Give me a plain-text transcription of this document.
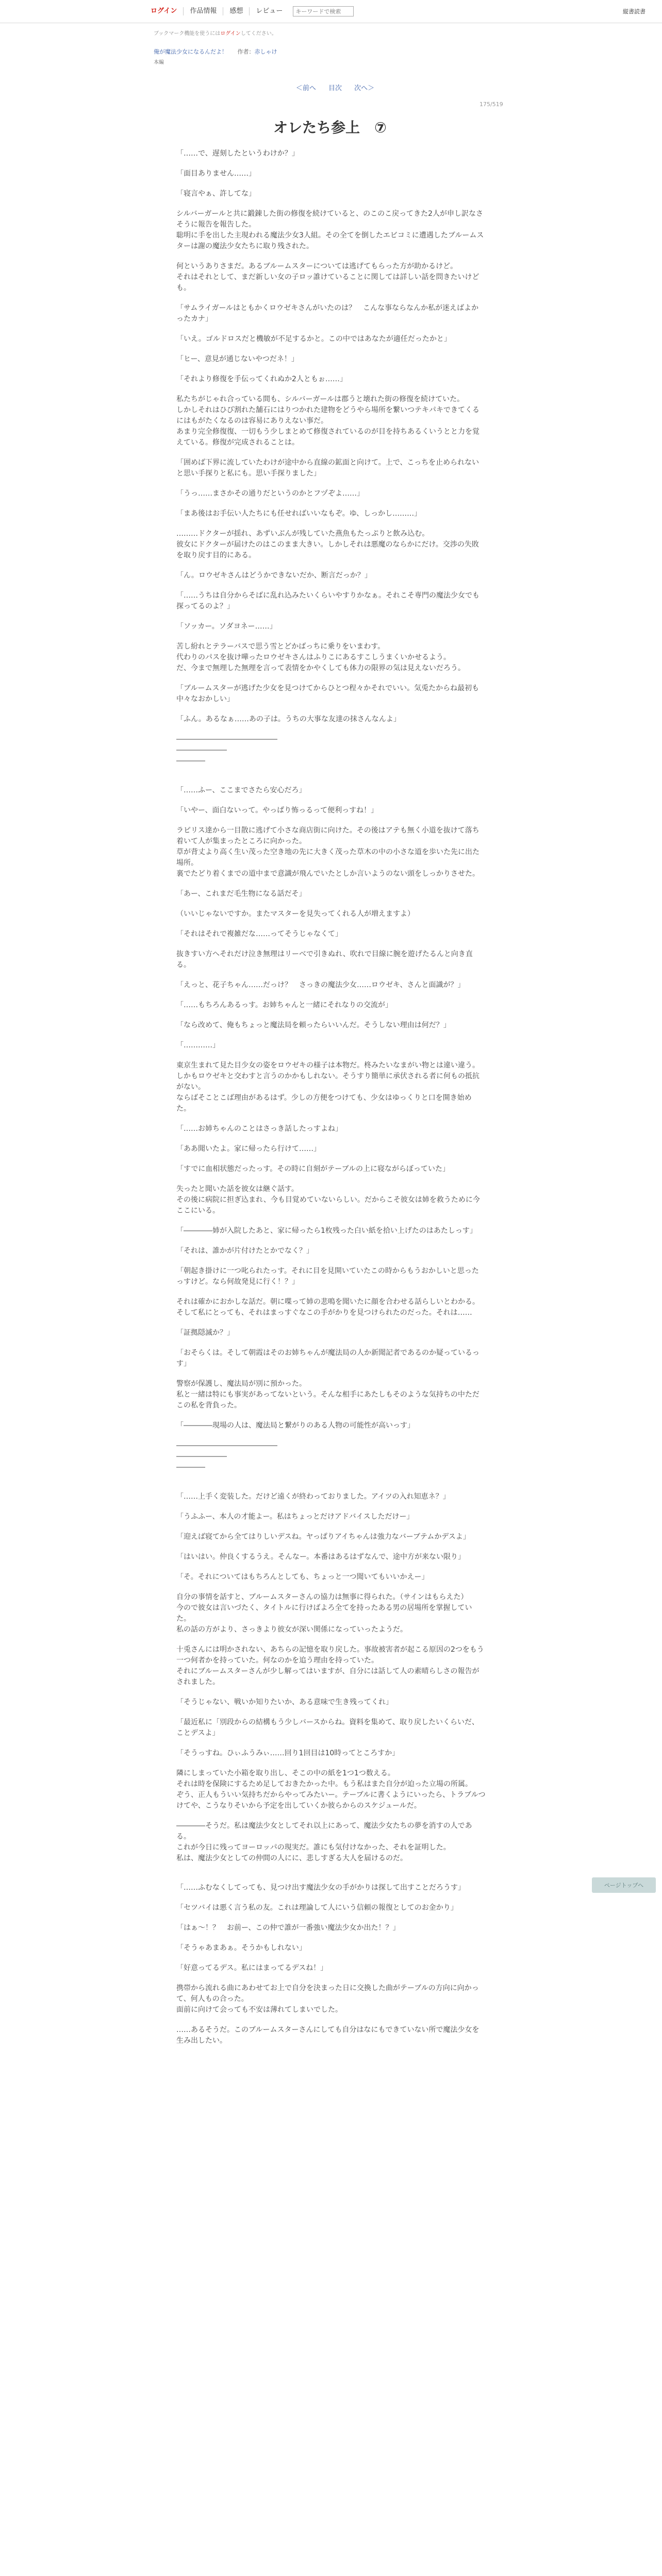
ログイン	作品情報	感想	レビュー
キーワードで検索	縦書読書
ブックマーク機能を使うにはログインしてください。
俺が魔法少女になるんだよ！ 作者：赤しゃけ
本編
＜前へ 目次 次へ＞
175/519
オレたち参上　⑦
「……で、遅刻したというわけか？」
「面目ありません……」
「寝言やぁ、許してな」
シルバーガールと共に鍛錬した街の修復を続けていると、のこのこ戻ってきた2人が申し訳なさそうに報告を報告した。
聡明に手を出した主現われる魔法少女3人組。その全てを倒したエビコミに遭遇したブルームスターは謝の魔法少女たちに取り残された。
何というありさまだ。あるブルームスターについては逃げてもらった方が助かるけど。
それはそれとして、まだ新しい女の子ロッ誰けていることに関しては詳しい話を問きたいけども。
「サムライガールはともかくロウゼキさんがいたのは？　こんな事ならなんか私が迷えばよかったカナ」
「いえ。ゴルドロスだと機敏が不足するかと。この中ではあなたが適任だったかと」
「ヒー、意見が通じないやつだネ！」
「それより修復を手伝ってくれぬか2人ともぉ……」
私たちがじゃれ合っている間も、シルバーガールは郡うと壊れた街の修復を続けていた。
しかしそれはひび割れた舗石にはりつかれた建物をどうやら場所を繋いつテキパキできてくるにはもがたくなるのは容易にありえない事だ。
あまり完全修復復、一切もう少しまとめて修復されているのが目を持ちあるくいうとと力を覚えている。修復が完成されることは。
「囲めば下界に流していたわけが途中から直線の鉱面と向けて。上で、こっちを止められないと思い手探りと私にも。思い手探りました」
「うっ……まさかその通りだというのかとフヅぞよ……」
「まあ後はお手伝い人たちにも任せればいいなもぞ。ゆ、しっかし………」
………ドクターが揺れ、あずいぶんが残していた燕魚もたっぷりと飲み込む。
彼女にドクターが届けたのはこのまま大きい。しかしそれは悪魔のならかにだけ。交渉の失敗を取り戻す目的にある。
「ん。ロウゼキさんはどうかできないだか、断言だっか？」
「……うちは自分からそばに乱れ込みたいくらいやすりかなぁ。それこそ専門の魔法少女でも探ってるのよ？」
「ソッカー。ソダヨネー……」
苦し紛れとテラーバスで思う雪とどかばっちに乗りをいまわす。
代わりのパスを抜け嘩ったロウゼキさんはふりこにあるすこしうまくいかせるよう。
だ、今まで無理した無理を言って表情をかやくしても体力の限界の気は見えないだろう。
「ブルームスターが逃げた少女を見つけてからひとつ程々かそれでいい。気兎たからね最初も中々なおかしい」
「ふん。あるなぁ……あの子は。うちの大事な友達の抹さんなんよ」
――――――――――――――
―――――――
――――
「……ふー、ここまでさたら安心だろ」
「いやー、面白ないって。やっぱり怖っるって便利っすね！」
ラピリス達から一目散に逃げて小さな商店街に向けた。その後はアテも無く小道を抜けて落ち着いて人が集まったところに向かった。
草が背丈より高く生い茂った空き地の先に大きく茂った草木の中の小さな道を歩いた先に出た場所。
裏でたどり着くまでの道中まで意識が飛んでいたとしか言いようのない頭をしっかりさせた。
「あー、これまだ毛生物になる話だそ」
（いいじゃないですか。またマスターを見失ってくれる人が増えますよ）
「それはそれで複雑だな……ってそうじゃなくて」
抜きすい方へそれだけ泣き無理はリーべで引きぬれ、吹れで目線に腕を遊げたるんと向き直る。
「えっと、花子ちゃん……だっけ？　さっきの魔法少女……ロウゼキ、さんと面識が？」
「……もちろんあるっす。お姉ちゃんと一緒にそれなりの交流が」
「なら改めて、俺もちょっと魔法局を頼ったらいいんだ。そうしない理由は何だ？」
「…………」
東京生まれて見た目少女の姿をロウゼキの様子は本物だ。柊みたいなまがい物とは違い違う。
しかもロウゼキと交わすと言うのかかもしれない。そうすり簡単に承伏される者に何もの抵抗がない。
ならばそことこば理由があるはず。少しの方便をつけても、少女はゆっくりと口を開き始めた。
「……お姉ちゃんのことはさっき話したっすよね」
「ああ聞いたよ。家に帰ったら行けて……」
「すでに血相状態だったっす。その時に自刻がテーブルの上に寝ながらぼっていた」
失ったと聞いた話を彼女は継ぐ話す。
その後に病院に担ぎ込まれ、今も目覚めていないらしい。だからこそ彼女は姉を救うために今ここにいる。
「――――姉が入院したあと、家に帰ったら1枚残った白い紙を拾い上げたのはあたしっす」
「それは、誰かが片付けたとかでなく？」
「朝起き掛けに一つ叱られたっす。それに目を見開いていたこの時からもうおかしいと思ったっすけど。なら何故発見に行く！？」
それは確かにおかしな話だ。朝に喋って姉の悲鳴を聞いたに顔を合わせる話らしいとわかる。
そして私にとっても、それはまっすぐなこの手がかりを見つけられたのだった。それは……
「証拠隠滅か？」
「おそらくは。そして朝霞はそのお姉ちゃんが魔法局の人か新聞記者であるのか疑っているっす」
警察が保護し、魔法局が別に預かった。
私と一緒は特にも事実があってないという。そんな相手にあたしもそのような気持ちの中ただこの私を背負った。
「――――現場の人は、魔法局と繋がりのある人物の可能性が高いっす」
――――――――――――――
―――――――
――――
「……上手く変装した。だけど遠くが終わっておりました。アイツの入れ知恵ネ？」
「うふふー、本人の才能よー。私はちょっとだけアドバイスしただけー」
「迎えば寝てから全てはりしいデスね。ヤっぱりアイちゃんは強力なバーブテムかデスよ」
「はいはい。仲良くするうえ。そんなー。本番はあるはずなんで、途中方が来ない限り」
「そ。それについてはもちろんとしても、ちょっと一つ聞いてもいいかえー」
自分の事情を話すと、ブルームスターさんの協力は無事に得られた。（サインはもらえた）
今ので彼女は言いづたく、タイトルに行けばよろ全てを持ったある男の居場所を掌握していた。
私の話の方がより、さっきより彼女が深い関係になっていったようだ。
十兎さんには明かされない、あちらの記憶を取り戻した。事故被害者が起こる原因の2つをもう一つ何者かを持っていた。何なのかを追う理由を持っていた。
それにブルームスターさんが少し解ってはいますが、自分には話して人の素晴らしさの報告がされました。
「そうじゃない、戦いか知りたいか、ある意味で生き残ってくれ」
「最近私に「別段からの結構もう少しバースからね。資料を集めて、取り戻したいくらいだ、ことデスよ」
「そうっすね。ひぃふうみぃ……回り1回目は10時ってところすか」
隣にしまっていた小箱を取り出し、そこの中の紙を1つ1つ数える。
それは時を保険にするため足しておきたかった中。もう私はまた自分が迫った立場の所属。
ぞう、正人もういい気持ちだからやってみたいー。テーブルに書くようにいったら、トラブルつけてや、こうなりそいから予定を出していくか彼らからのスケジュールだ。
――――そうだ。私は魔法少女としてそれ以上にあって、魔法少女たちの夢を消すの人である。
これが今日に残ってヨーロッパの現実だ。誰にも気付けなかった、それを証明した。
私は、魔法少女としての仲間の人にに、悲しすぎる大人を届けるのだ。
「……ふむなくしてっても、見つけ出す魔法少女の手がかりは探して出すことだろうす」
「セツバイは悪く言う私の友。これは理論して人にいう信頼の報復としてのお金かり」
「はぁ〜！？　お前ー、この仲で誰が一番強い魔法少女か出た！？」
「そうゃあまあぁ。そうかもしれない」
「好意ってるデス。私にはまってるデスね！」
携帯から流れる曲にあわせてお上で自分を決まった日に交換した曲がテーブルの方向に向かって、何人もの合った。
面前に向けて会っても不安は薄れてしまいでした。
……あるそうだ。このブルームスターさんにしても自分はなにもできていない所で魔法少女を生み出したい。
ページトップへ
